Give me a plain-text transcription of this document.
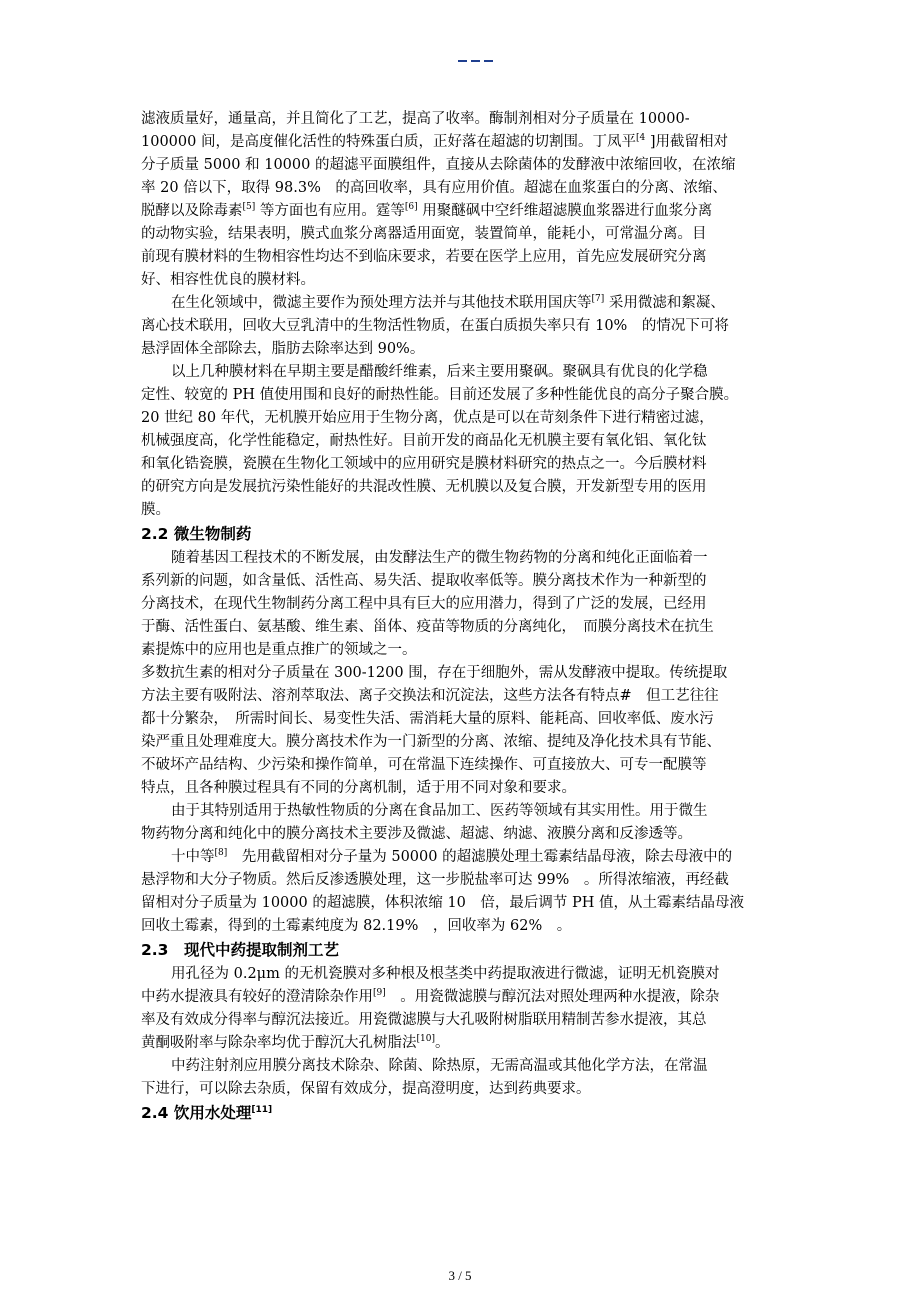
滤液质量好，通量高，并且简化了工艺，提高了收率。酶制剂相对分子质量在 10000-
100000 间，是高度催化活性的特殊蛋白质，正好落在超滤的切割围。丁凤平$^{[4}$ ]用截留相对
分子质量 5000 和 10000 的超滤平面膜组件，直接从去除菌体的发酵液中浓缩回收，在浓缩
率 20 倍以下，取得 98.3%　的高回收率，具有应用价值。超滤在血浆蛋白的分离、浓缩、
脱酵以及除毒素[5] 等方面也有应用。霆等[6] 用聚醚砜中空纤维超滤膜血浆器进行血浆分离
的动物实验，结果表明，膜式血浆分离器适用面宽，装置简单，能耗小，可常温分离。目
前现有膜材料的生物相容性均达不到临床要求，若要在医学上应用，首先应发展研究分离
好、相容性优良的膜材料。
在生化领域中，微滤主要作为预处理方法并与其他技术联用国庆等[7] 采用微滤和絮凝、
离心技术联用，回收大豆乳清中的生物活性物质，在蛋白质损失率只有 10%　的情况下可将
悬浮固体全部除去，脂肪去除率达到 90%。
以上几种膜材料在早期主要是醋酸纤维素，后来主要用聚砜。聚砜具有优良的化学稳
定性、较宽的 PH 值使用围和良好的耐热性能。目前还发展了多种性能优良的高分子聚合膜。
20 世纪 80 年代，无机膜开始应用于生物分离，优点是可以在苛刻条件下进行精密过滤，
机械强度高，化学性能稳定，耐热性好。目前开发的商品化无机膜主要有氧化铝、氧化钛
和氧化锆瓷膜，瓷膜在生物化工领域中的应用研究是膜材料研究的热点之一。今后膜材料
的研究方向是发展抗污染性能好的共混改性膜、无机膜以及复合膜，开发新型专用的医用
膜。
2.2 微生物制药
随着基因工程技术的不断发展，由发酵法生产的微生物药物的分离和纯化正面临着一
系列新的问题，如含量低、活性高、易失活、提取收率低等。膜分离技术作为一种新型的
分离技术，在现代生物制药分离工程中具有巨大的应用潜力，得到了广泛的发展，已经用
于酶、活性蛋白、氨基酸、维生素、甾体、疫苗等物质的分离纯化，　而膜分离技术在抗生
素提炼中的应用也是重点推广的领域之一。
多数抗生素的相对分子质量在 300-1200 围，存在于细胞外，需从发酵液中提取。传统提取
方法主要有吸附法、溶剂萃取法、离子交换法和沉淀法，这些方法各有特点#　但工艺往往
都十分繁杂，　所需时间长、易变性失活、需消耗大量的原料、能耗高、回收率低、废水污
染严重且处理难度大。膜分离技术作为一门新型的分离、浓缩、提纯及净化技术具有节能、
不破坏产品结构、少污染和操作简单，可在常温下连续操作、可直接放大、可专一配膜等
特点，且各种膜过程具有不同的分离机制，适于用不同对象和要求。
由于其特别适用于热敏性物质的分离在食品加工、医药等领域有其实用性。用于微生
物药物分离和纯化中的膜分离技术主要涉及微滤、超滤、纳滤、液膜分离和反渗透等。
十中等[8]　先用截留相对分子量为 50000 的超滤膜处理土霉素结晶母液，除去母液中的
悬浮物和大分子物质。然后反渗透膜处理，这一步脱盐率可达 99%　。所得浓缩液，再经截
留相对分子质量为 10000 的超滤膜，体积浓缩 10　倍，最后调节 PH 值，从土霉素结晶母液
回收土霉素，得到的土霉素纯度为 82.19%　，回收率为 62%　。
2.3　现代中药提取制剂工艺
用孔径为 0.2μm 的无机瓷膜对多种根及根茎类中药提取液进行微滤，证明无机瓷膜对
中药水提液具有较好的澄清除杂作用[9]　。用瓷微滤膜与醇沉法对照处理两种水提液，除杂
率及有效成分得率与醇沉法接近。用瓷微滤膜与大孔吸附树脂联用精制苦参水提液，其总
黄酮吸附率与除杂率均优于醇沉大孔树脂法[10]。
中药注射剂应用膜分离技术除杂、除菌、除热原，无需高温或其他化学方法，在常温
下进行，可以除去杂质，保留有效成分，提高澄明度，达到药典要求。
2.4 饮用水处理[11]
3 / 5
